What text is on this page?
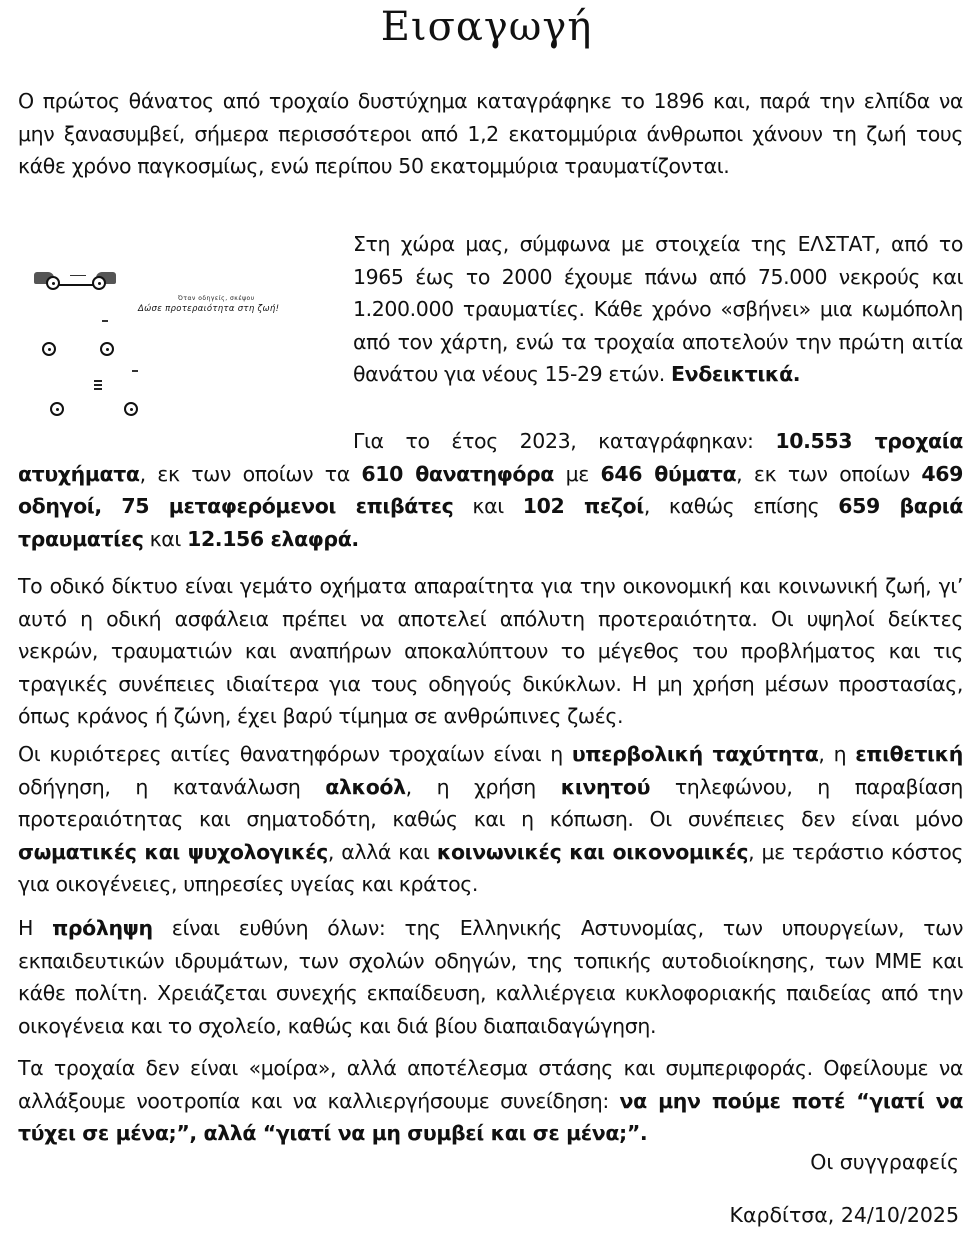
Εισαγωγή
Ο πρώτος θάνατος από τροχαίο δυστύχημα καταγράφηκε το 1896 και, παρά την ελπίδα να μην ξανασυμβεί, σήμερα περισσότεροι από 1,2 εκατομμύρια άνθρωποι χάνουν τη ζωή τους κάθε χρόνο παγκοσμίως, ενώ περίπου 50 εκατομμύρια τραυματίζονται.
Όταν οδηγείς, σκέψου
Δώσε προτεραιότητα στη ζωή!
Στη χώρα μας, σύμφωνα με στοιχεία της ΕΛΣΤΑΤ, από το 1965 έως το 2000 έχουμε πάνω από 75.000 νεκρούς και 1.200.000 τραυματίες. Κάθε χρόνο «σβήνει» μια κωμόπολη από τον χάρτη, ενώ τα τροχαία αποτελούν την πρώτη αιτία θανάτου για νέους 15-29 ετών. Ενδεικτικά.
Για το έτος 2023, καταγράφηκαν: 10.553 τροχαία ατυχήματα, εκ των οποίων τα 610 θανατηφόρα με 646 θύματα, εκ των οποίων 469 οδηγοί, 75 μεταφερόμενοι επιβάτες και 102 πεζοί, καθώς επίσης 659 βαριά τραυματίες και 12.156 ελαφρά.
Το οδικό δίκτυο είναι γεμάτο οχήματα απαραίτητα για την οικονομική και κοινωνική ζωή, γι’ αυτό η οδική ασφάλεια πρέπει να αποτελεί απόλυτη προτεραιότητα. Οι υψηλοί δείκτες νεκρών, τραυματιών και αναπήρων αποκαλύπτουν το μέγεθος του προβλήματος και τις τραγικές συνέπειες ιδιαίτερα για τους οδηγούς δικύκλων. Η μη χρήση μέσων προστασίας, όπως κράνος ή ζώνη, έχει βαρύ τίμημα σε ανθρώπινες ζωές.
Οι κυριότερες αιτίες θανατηφόρων τροχαίων είναι η υπερβολική ταχύτητα, η επιθετική οδήγηση, η κατανάλωση αλκοόλ, η χρήση κινητού τηλεφώνου, η παραβίαση προτεραιότητας και σηματοδότη, καθώς και η κόπωση. Οι συνέπειες δεν είναι μόνο σωματικές και ψυχολογικές, αλλά και κοινωνικές και οικονομικές, με τεράστιο κόστος για οικογένειες, υπηρεσίες υγείας και κράτος.
Η πρόληψη είναι ευθύνη όλων: της Ελληνικής Αστυνομίας, των υπουργείων, των εκπαιδευτικών ιδρυμάτων, των σχολών οδηγών, της τοπικής αυτοδιοίκησης, των ΜΜΕ και κάθε πολίτη. Χρειάζεται συνεχής εκπαίδευση, καλλιέργεια κυκλοφοριακής παιδείας από την οικογένεια και το σχολείο, καθώς και διά βίου διαπαιδαγώγηση.
Τα τροχαία δεν είναι «μοίρα», αλλά αποτέλεσμα στάσης και συμπεριφοράς. Οφείλουμε να αλλάξουμε νοοτροπία και να καλλιεργήσουμε συνείδηση: να μην πούμε ποτέ “γιατί να τύχει σε μένα;”, αλλά “γιατί να μη συμβεί και σε μένα;”.
Οι συγγραφείς
Καρδίτσα, 24/10/2025
